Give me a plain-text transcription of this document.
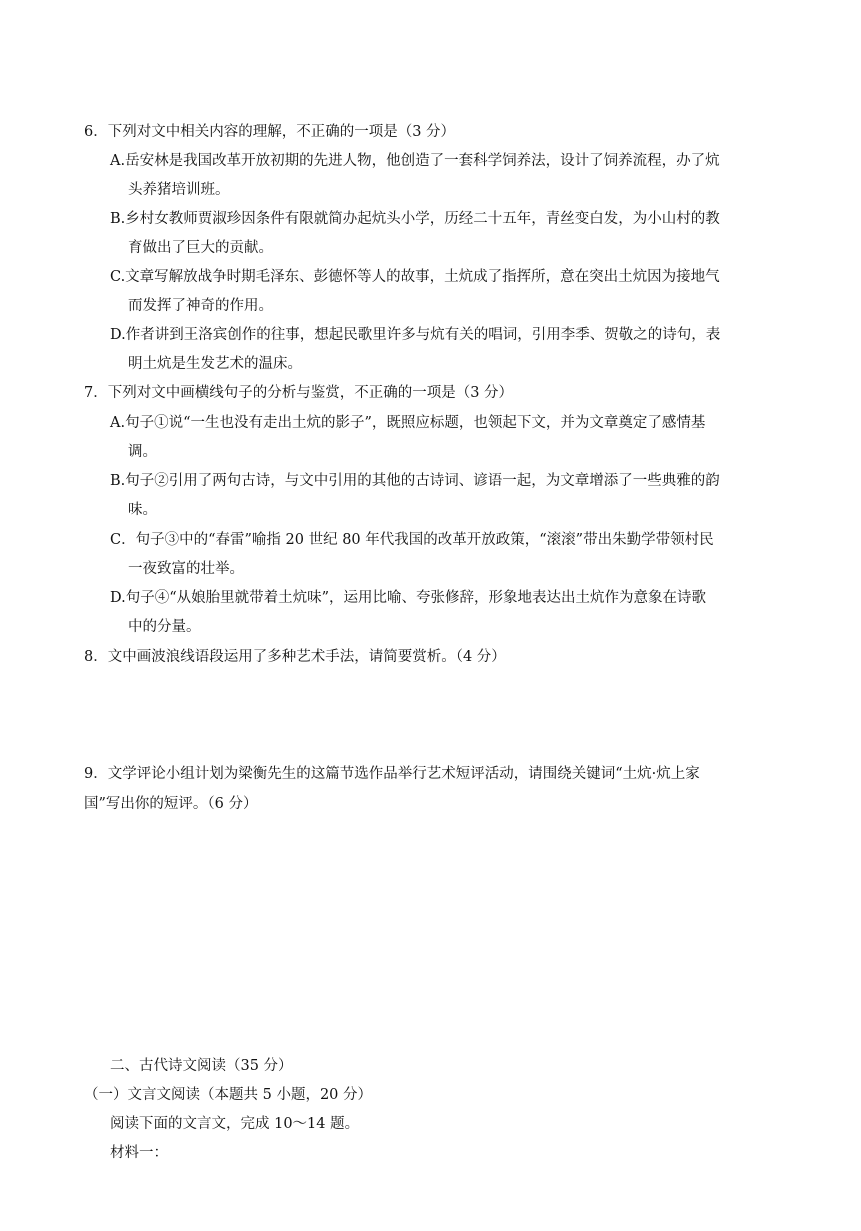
6．下列对文中相关内容的理解，不正确的一项是（3 分）
A.岳安林是我国改革开放初期的先进人物，他创造了一套科学饲养法，设计了饲养流程，办了炕
头养猪培训班。
B.乡村女教师贾淑珍因条件有限就简办起炕头小学，历经二十五年，青丝变白发，为小山村的教
育做出了巨大的贡献。
C.文章写解放战争时期毛泽东、彭德怀等人的故事，土炕成了指挥所，意在突出土炕因为接地气
而发挥了神奇的作用。
D.作者讲到王洛宾创作的往事，想起民歌里许多与炕有关的唱词，引用李季、贺敬之的诗句，表
明土炕是生发艺术的温床。
7．下列对文中画横线句子的分析与鉴赏，不正确的一项是（3 分）
A.句子①说“一生也没有走出土炕的影子”，既照应标题，也领起下文，并为文章奠定了感情基
调。
B.句子②引用了两句古诗，与文中引用的其他的古诗词、谚语一起，为文章增添了一些典雅的韵
味。
C．句子③中的“春雷”喻指 20 世纪 80 年代我国的改革开放政策，“滚滚”带出朱勤学带领村民
一夜致富的壮举。
D.句子④“从娘胎里就带着土炕味”，运用比喻、夸张修辞，形象地表达出土炕作为意象在诗歌
中的分量。
8．文中画波浪线语段运用了多种艺术手法，请简要赏析。（4 分）
9．文学评论小组计划为梁衡先生的这篇节选作品举行艺术短评活动，请围绕关键词“土炕·炕上家
国”写出你的短评。（6 分）
二、古代诗文阅读（35 分）
（一）文言文阅读（本题共 5 小题，20 分）
阅读下面的文言文，完成 10～14 题。
材料一：
